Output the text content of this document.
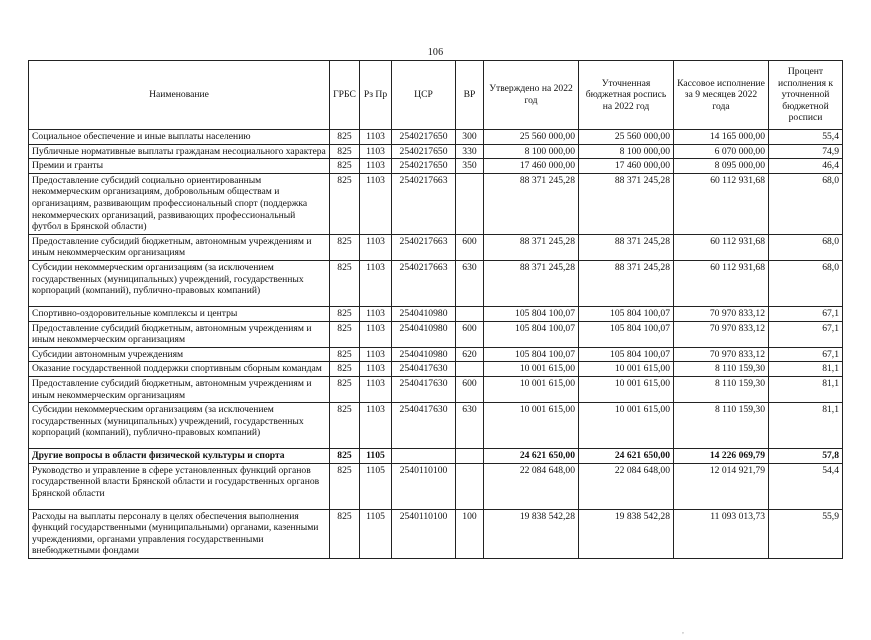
106
Наименование	ГРБС	Рз Пр	ЦСР	ВР	Утверждено на 2022 год	Уточненная бюджетная роспись на 2022 год	Кассовое исполнение за 9 месяцев 2022 года	Процент исполнения к уточненной бюджетной росписи
Социальное обеспечение и иные выплаты населению	825	1103	2540217650	300	25 560 000,00	25 560 000,00	14 165 000,00	55,4
Публичные нормативные выплаты гражданам несоциального характера	825	1103	2540217650	330	8 100 000,00	8 100 000,00	6 070 000,00	74,9
Премии и гранты	825	1103	2540217650	350	17 460 000,00	17 460 000,00	8 095 000,00	46,4
Предоставление субсидий социально ориентированным некоммерческим организациям, добровольным обществам и организациям, развивающим профессиональный спорт (поддержка некоммерческих организаций, развивающих профессиональный футбол в Брянской области)	825	1103	2540217663		88 371 245,28	88 371 245,28	60 112 931,68	68,0
Предоставление субсидий бюджетным, автономным учреждениям и иным некоммерческим организациям	825	1103	2540217663	600	88 371 245,28	88 371 245,28	60 112 931,68	68,0
Субсидии некоммерческим организациям (за исключением государственных (муниципальных) учреждений, государственных корпораций (компаний), публично-правовых компаний)	825	1103	2540217663	630	88 371 245,28	88 371 245,28	60 112 931,68	68,0
Спортивно-оздоровительные комплексы и центры	825	1103	2540410980		105 804 100,07	105 804 100,07	70 970 833,12	67,1
Предоставление субсидий бюджетным, автономным учреждениям и иным некоммерческим организациям	825	1103	2540410980	600	105 804 100,07	105 804 100,07	70 970 833,12	67,1
Субсидии автономным учреждениям	825	1103	2540410980	620	105 804 100,07	105 804 100,07	70 970 833,12	67,1
Оказание государственной поддержки спортивным сборным командам	825	1103	2540417630		10 001 615,00	10 001 615,00	8 110 159,30	81,1
Предоставление субсидий бюджетным, автономным учреждениям и иным некоммерческим организациям	825	1103	2540417630	600	10 001 615,00	10 001 615,00	8 110 159,30	81,1
Субсидии некоммерческим организациям (за исключением государственных (муниципальных) учреждений, государственных корпораций (компаний), публично-правовых компаний)	825	1103	2540417630	630	10 001 615,00	10 001 615,00	8 110 159,30	81,1
Другие вопросы в области физической культуры и спорта	825	1105			24 621 650,00	24 621 650,00	14 226 069,79	57,8
Руководство и управление в сфере установленных функций органов государственной власти Брянской области и государственных органов Брянской области	825	1105	2540110100		22 084 648,00	22 084 648,00	12 014 921,79	54,4
Расходы на выплаты персоналу в целях обеспечения выполнения функций государственными (муниципальными) органами, казенными учреждениями, органами управления государственными внебюджетными фондами	825	1105	2540110100	100	19 838 542,28	19 838 542,28	11 093 013,73	55,9
,
